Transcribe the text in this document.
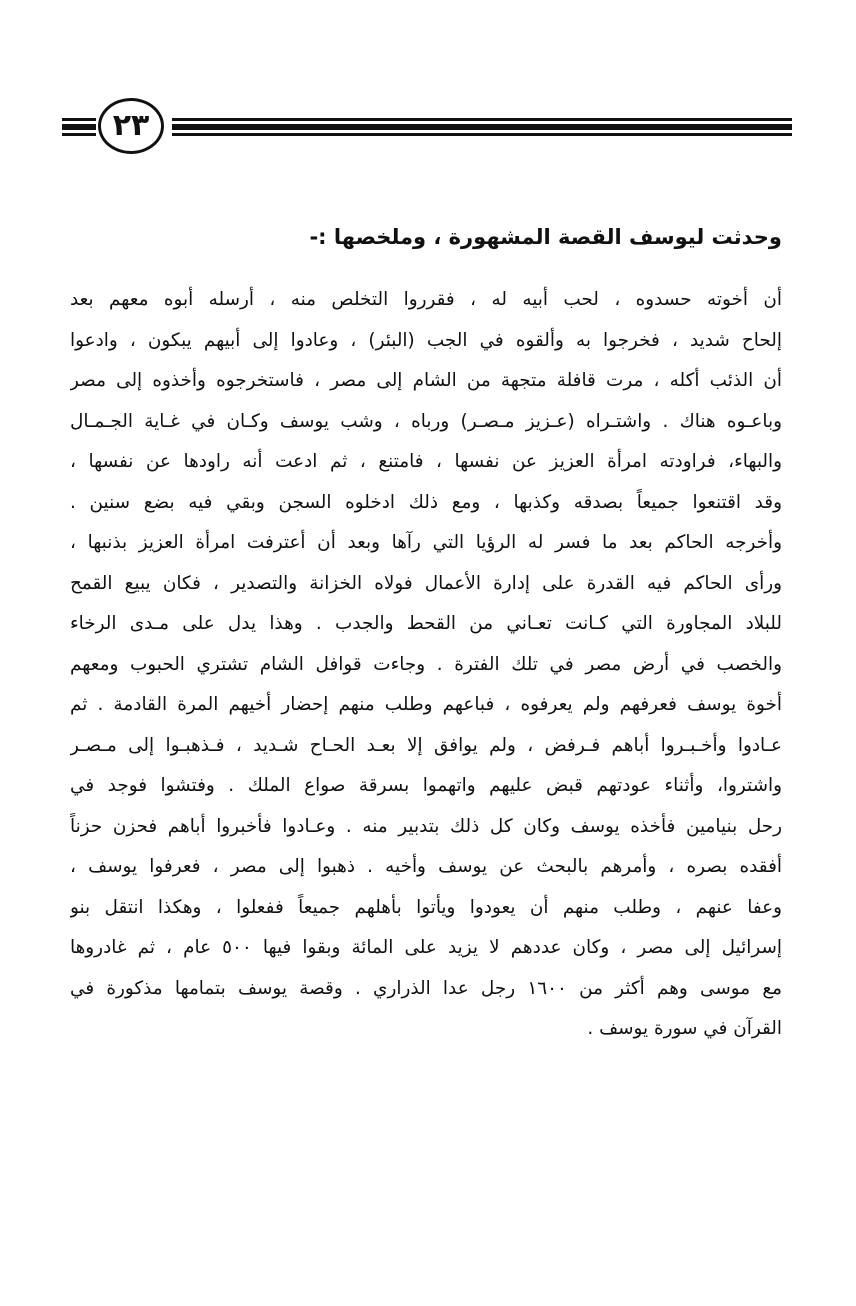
٢٣
وحدثت ليوسف القصة المشهورة ، وملخصها :-
أن أخوته حسدوه ، لحب أبيه له ، فقرروا التخلص منه ، أرسله أبوه معهم بعد
إلحاح شديد ، فخرجوا به وألقوه في الجب (البئر) ، وعادوا إلى أبيهم يبكون ، وادعوا
أن الذئب أكله ، مرت قافلة متجهة من الشام إلى مصر ، فاستخرجوه وأخذوه إلى مصر
وباعـوه هناك . واشتـراه (عـزيز مـصـر) ورباه ، وشب يوسف وكـان في غـاية الجـمـال
والبهاء، فراودته امرأة العزيز عن نفسها ، فامتنع ، ثم ادعت أنه راودها عن نفسها ،
وقد اقتنعوا جميعاً بصدقه وكذبها ، ومع ذلك ادخلوه السجن وبقي فيه بضع سنين .
وأخرجه الحاكم بعد ما فسر له الرؤيا التي رآها وبعد أن أعترفت امرأة العزيز بذنبها ،
ورأى الحاكم فيه القدرة على إدارة الأعمال فولاه الخزانة والتصدير ، فكان يبيع القمح
للبلاد المجاورة التي كـانت تعـاني من القحط والجدب . وهذا يدل على مـدى الرخاء
والخصب في أرض مصر في تلك الفترة . وجاءت قوافل الشام تشتري الحبوب ومعهم
أخوة يوسف فعرفهم ولم يعرفوه ، فباعهم وطلب منهم إحضار أخيهم المرة القادمة . ثم
عـادوا وأخـبـروا أباهم فـرفض ، ولم يوافق إلا بعـد الحـاح شـديد ، فـذهبـوا إلى مـصـر
واشتروا، وأثناء عودتهم قبض عليهم واتهموا بسرقة صواع الملك . وفتشوا فوجد في
رحل بنيامين فأخذه يوسف وكان كل ذلك بتدبير منه . وعـادوا فأخبروا أباهم فحزن حزناً
أفقده بصره ، وأمرهم بالبحث عن يوسف وأخيه . ذهبوا إلى مصر ، فعرفوا يوسف ،
وعفا عنهم ، وطلب منهم أن يعودوا ويأتوا بأهلهم جميعاً ففعلوا ، وهكذا انتقل بنو
إسرائيل إلى مصر ، وكان عددهم لا يزيد على المائة وبقوا فيها ٥٠٠ عام ، ثم غادروها
مع موسى وهم أكثر من ١٦٠٠ رجل عدا الذراري . وقصة يوسف بتمامها مذكورة في
القرآن في سورة يوسف .
